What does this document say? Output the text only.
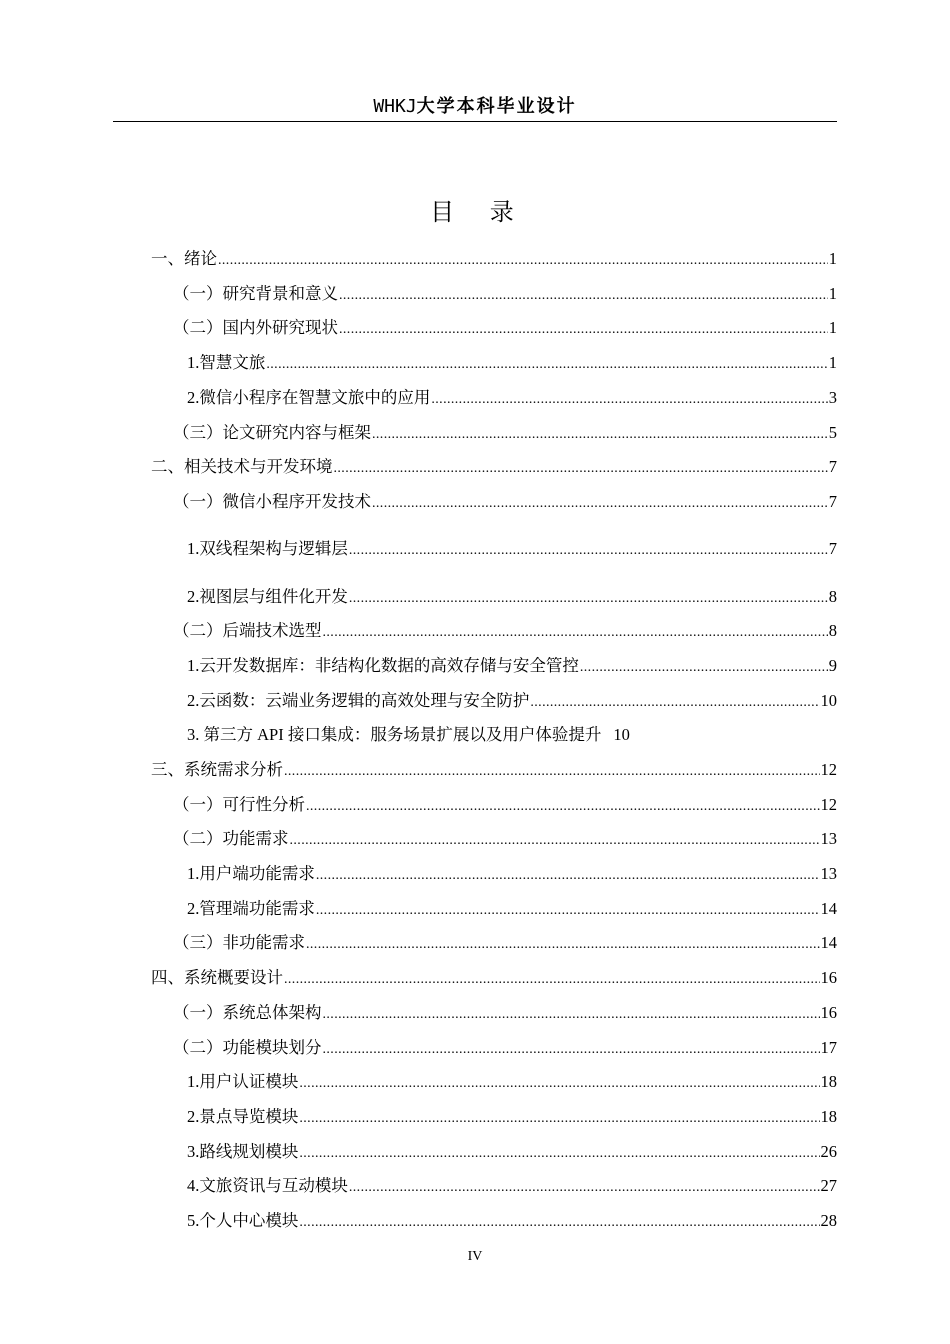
WHKJ大学本科毕业设计
目 录
一、绪论 .....	1
（一）研究背景和意义 .....	1
（二）国内外研究现状 .....	1
1.智慧文旅 .....	1
2.微信小程序在智慧文旅中的应用 .....	3
（三）论文研究内容与框架 .....	5
二、相关技术与开发环境 .....	7
（一）微信小程序开发技术 .....	7
1.双线程架构与逻辑层 .....	7
2.视图层与组件化开发 .....	8
（二）后端技术选型 .....	8
1.云开发数据库：非结构化数据的高效存储与安全管控 .....	9
2.云函数：云端业务逻辑的高效处理与安全防护 .....	10
3. 第三方 API 接口集成：服务场景扩展以及用户体验提升 10
三、系统需求分析 .....	12
（一）可行性分析 .....	12
（二）功能需求 .....	13
1.用户端功能需求 .....	13
2.管理端功能需求 .....	14
（三）非功能需求 .....	14
四、系统概要设计 .....	16
（一）系统总体架构 .....	16
（二）功能模块划分 .....	17
1.用户认证模块 .....	18
2.景点导览模块 .....	18
3.路线规划模块 .....	26
4.文旅资讯与互动模块 .....	27
5.个人中心模块 .....	28
IV
